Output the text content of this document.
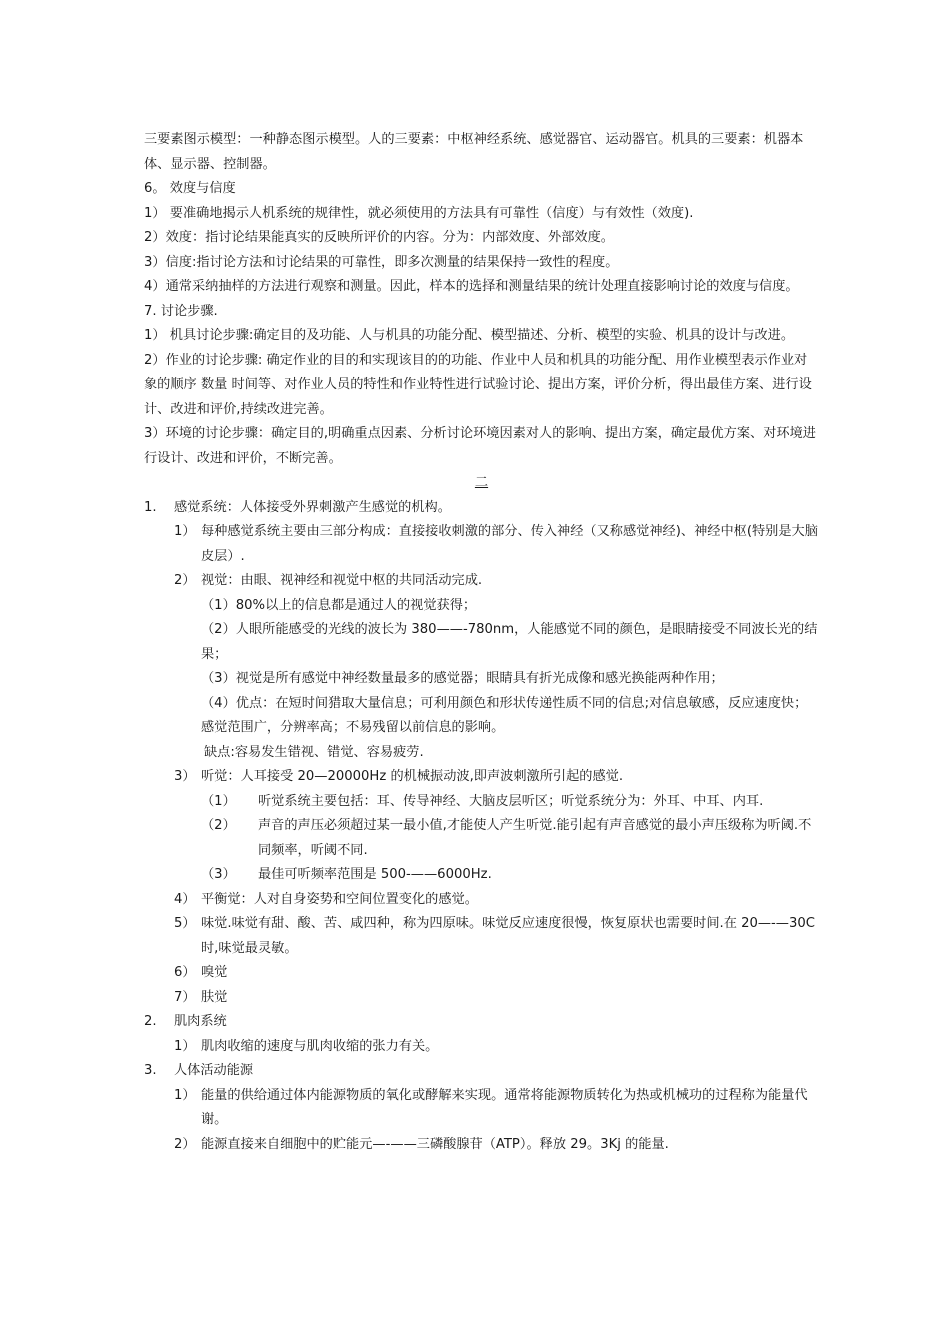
三要素图示模型：一种静态图示模型。人的三要素：中枢神经系统、感觉器官、运动器官。机具的三要素：机器本体、显示器、控制器。

6。 效度与信度

1） 要准确地揭示人机系统的规律性，就必须使用的方法具有可靠性（信度）与有效性（效度).

2）效度：指讨论结果能真实的反映所评价的内容。分为：内部效度、外部效度。

3）信度:指讨论方法和讨论结果的可靠性，即多次测量的结果保持一致性的程度。

4）通常采纳抽样的方法进行观察和测量。因此，样本的选择和测量结果的统计处理直接影响讨论的效度与信度。

7. 讨论步骤.

1） 机具讨论步骤:确定目的及功能、人与机具的功能分配、模型描述、分析、模型的实验、机具的设计与改进。

2）作业的讨论步骤: 确定作业的目的和实现该目的的功能、作业中人员和机具的功能分配、用作业模型表示作业对象的顺序 数量 时间等、对作业人员的特性和作业特性进行试验讨论、提出方案，评价分析，得出最佳方案、进行设计、改进和评价,持续改进完善。

3）环境的讨论步骤：确定目的,明确重点因素、分析讨论环境因素对人的影响、提出方案，确定最优方案、对环境进行设计、改进和评价，不断完善。

二
1.	感觉系统：人体接受外界刺激产生感觉的机构。
1） 每种感觉系统主要由三部分构成：直接接收刺激的部分、传入神经（又称感觉神经)、神经中枢(特别是大脑皮层）.
2） 视觉：由眼、视神经和视觉中枢的共同活动完成.
（1）80%以上的信息都是通过人的视觉获得；
（2）人眼所能感受的光线的波长为 380——-780nm，人能感觉不同的颜色，是眼睛接受不同波长光的结果；
（3）视觉是所有感觉中神经数量最多的感觉器；眼睛具有折光成像和感光换能两种作用；
（4）优点：在短时间猎取大量信息；可利用颜色和形状传递性质不同的信息;对信息敏感，反应速度快；感觉范围广，分辨率高；不易残留以前信息的影响。
缺点:容易发生错视、错觉、容易疲劳.
3） 听觉：人耳接受 20—20000Hz 的机械振动波,即声波刺激所引起的感觉.
（1）	听觉系统主要包括：耳、传导神经、大脑皮层听区；听觉系统分为：外耳、中耳、内耳.
（2）	声音的声压必须超过某一最小值,才能使人产生听觉.能引起有声音感觉的最小声压级称为听阈.不同频率，听阈不同.
（3）	最佳可听频率范围是 500-——6000Hz.
4） 平衡觉：人对自身姿势和空间位置变化的感觉。
5） 味觉.味觉有甜、酸、苦、咸四种，称为四原味。味觉反应速度很慢，恢复原状也需要时间.在 20—-—30C 时,味觉最灵敏。
6） 嗅觉
7） 肤觉
2.	肌肉系统
1） 肌肉收缩的速度与肌肉收缩的张力有关。
3.	人体活动能源
1） 能量的供给通过体内能源物质的氧化或酵解来实现。通常将能源物质转化为热或机械功的过程称为能量代谢。
2） 能源直接来自细胞中的贮能元—-——三磷酸腺苷（ATP）。释放 29。3Kj 的能量.
